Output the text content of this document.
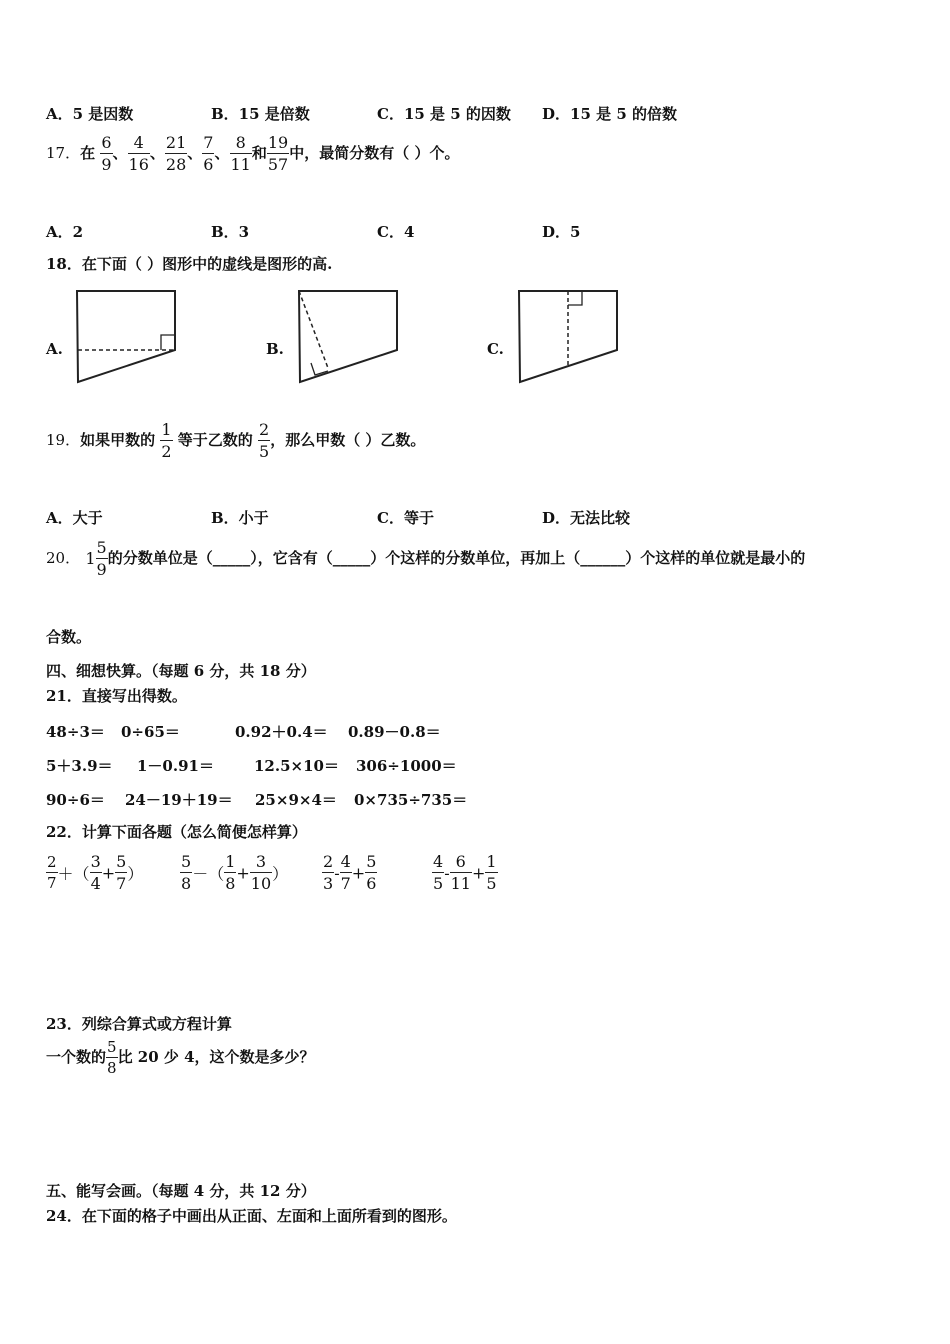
A．5 是因数	B．15 是倍数	C．15 是 5 的因数 D．15 是 5 的倍数
17．在 $\frac{6}{9}$ 、 $\frac{4}{16}$ 、 $\frac{21}{28}$ 、 $\frac{7}{6}$ 、 $\frac{8}{11}$ 和 $\frac{19}{57}$ 中，最简分数有（ ）个。
A．2	B．3	C．4	D．5
18．在下面（ ）图形中的虚线是图形的高.
A.	B.	C.
19．如果甲数的 $\frac{1}{2}$ 等于乙数的 $\frac{2}{5}$ ，那么甲数（ ）乙数。
A．大于	B．小于	C．等于	D．无法比较
20． $1 \frac{5}{9}$ 的分数单位是（_____），它含有（_____）个这样的分数单位，再加上（______）个这样的单位就是最小的
合数。
四、细想快算。（每题 6 分，共 18 分）
21．直接写出得数。
48÷3＝ 0÷65＝	0.92＋0.4＝ 0.89－0.8＝
5＋3.9＝ 1－0.91＝	12.5×10＝ 306÷1000＝
90÷6＝ 24－19＋19＝ 25×9×4＝ 0×735÷735＝
22．计算下面各题（怎么简便怎样算）
$\frac{2}{7}$ ＋（ $\frac{3}{4} + \frac{5}{7}$ ） $\frac{5}{8}$ －（ $\frac{1}{8} + \frac{3}{10}$ ） $\frac{2}{3} - \frac{4}{7} + \frac{5}{6}$	$\frac{4}{5} - \frac{6}{11} + \frac{1}{5}$
23．列综合算式或方程计算
一个数的 $\frac{5}{8}$ 比 20 少 4，这个数是多少？
五、能写会画。（每题 4 分，共 12 分）
24．在下面的格子中画出从正面、左面和上面所看到的图形。
